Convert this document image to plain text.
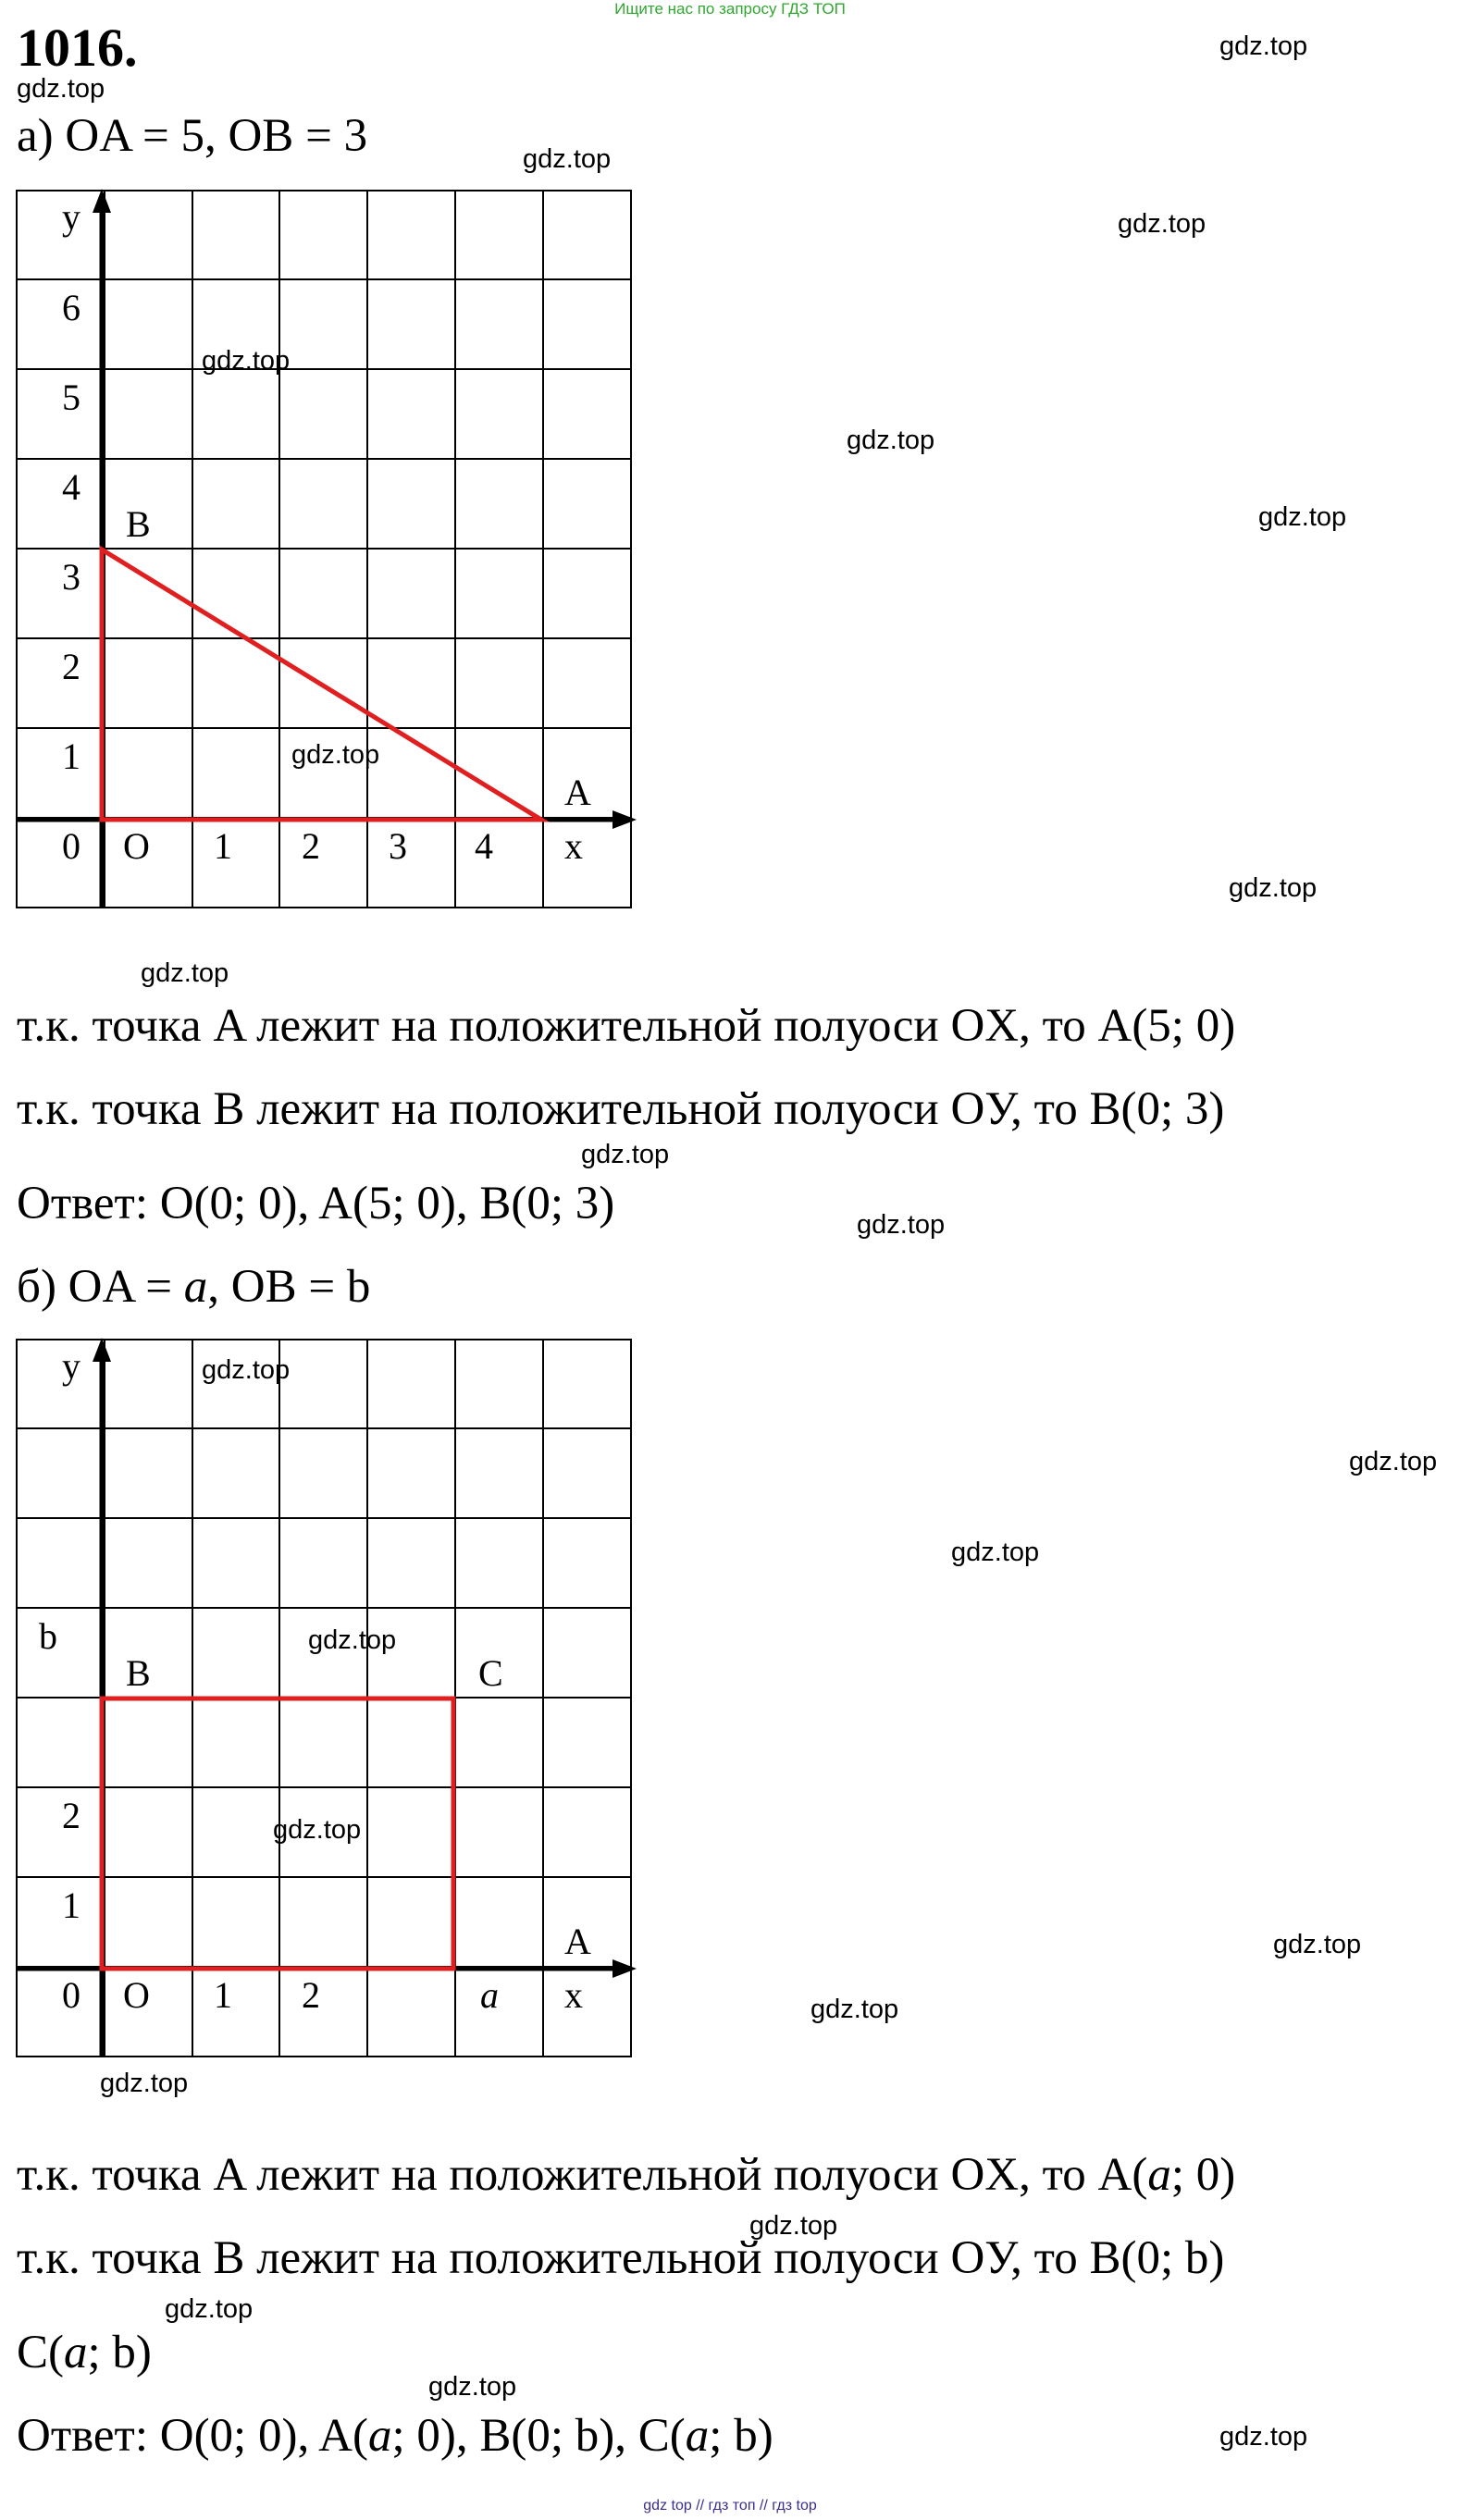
Ищите нас по запросу ГДЗ ТОП
1016.
gdz.top
gdz.top
gdz.top
gdz.top
gdz.top
gdz.top
gdz.top
gdz.top
gdz.top
gdz.top
gdz.top
gdz.top
gdz.top
gdz.top
gdz.top
gdz.top
gdz.top
gdz.top
gdz.top
gdz.top
gdz.top
gdz.top
gdz.top
gdz.top
а) OA = 5, OB = 3
y
6
5
4
3
2
1
0 O 1 2 3 4 x
A
B
т.к. точка A лежит на положительной полуоси OX, то A(5; 0)
т.к. точка B лежит на положительной полуоси OУ, то B(0; 3)
Ответ: O(0; 0), A(5; 0), B(0; 3)
б) OA = a, OB = b
y
b
2
1
0 O 1 2	a x
A
B	C
т.к. точка A лежит на положительной полуоси OX, то A(a; 0)
т.к. точка B лежит на положительной полуоси OУ, то B(0; b)
C(a; b)
Ответ: O(0; 0), A(a; 0), B(0; b), C(a; b)
gdz top // гдз топ // гдз top
